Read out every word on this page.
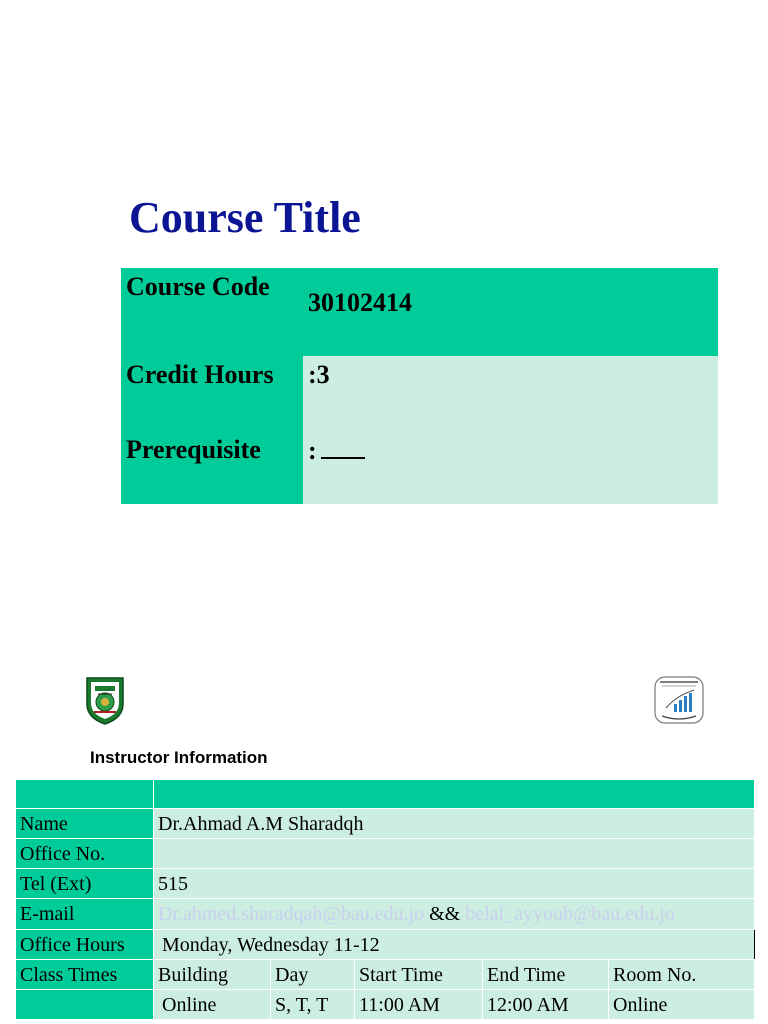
Course Title
Course Code	30102414
Credit Hours	:3
Prerequisite	:

Instructor Information

Name	Dr.Ahmad A.M Sharadqh				
Office No.					
Tel (Ext)	515				
E-mail	Dr.ahmed.sharadqah@bau.edu.jo && belal_ayyoub@bau.edu.jo				
Office Hours	Monday, Wednesday 11-12				
Class Times	Building	Day	Start Time	End Time	Room No.
	Online	S, T, T	11:00 AM	12:00 AM	Online
